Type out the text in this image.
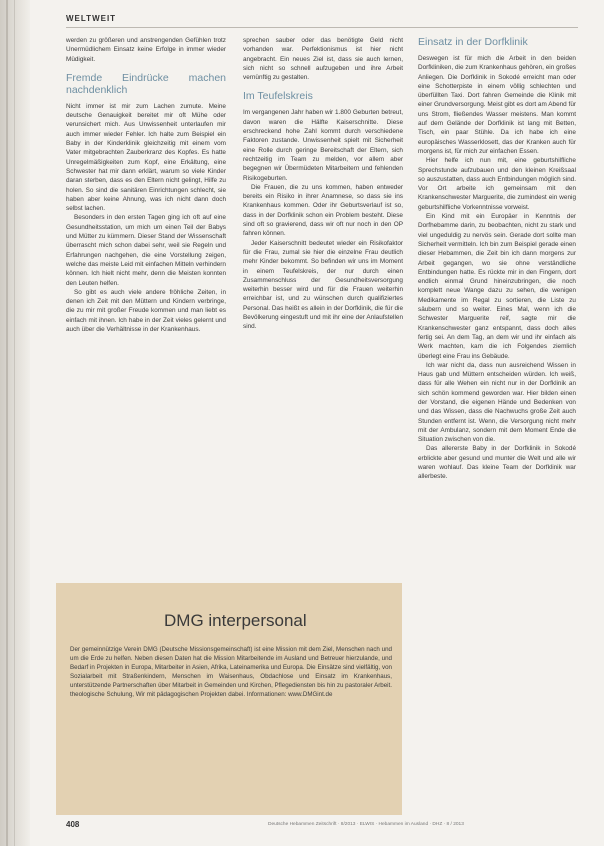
WELTWEIT

werden zu größeren und anstrengenden Gefühlen trotz Unermüdlichem Einsatz keine Erfolge in immer wieder Müdigkeit.

Fremde Eindrücke machen nachdenklich

Nicht immer ist mir zum Lachen zumute. Meine deutsche Genauigkeit bereitet mir oft Mühe oder verunsichert mich. Aus Unwissenheit unterlaufen mir auch immer wieder Fehler. Ich halte zum Beispiel ein Baby in der Kinderklinik gleichzeitig mit einem vom Vater mitgebrachten Zauberkranz des Kopfes. Es hatte Unregelmäßigkeiten zum Kopf, eine Erkältung, eine Schwester hat mir dann erklärt, warum so viele Kinder daran sterben, dass es den Eltern nicht gelingt, Hilfe zu holen. So sind die sanitären Einrichtungen schlecht, sie haben aber keine Ahnung, was ich nicht dann doch selbst lachen.

Besonders in den ersten Tagen ging ich oft auf eine Gesundheitsstation, um mich um einen Teil der Babys und Mütter zu kümmern. Dieser Stand der Wissenschaft überrascht mich schon dabei sehr, weil sie Regeln und Erfahrungen nachgehen, die eine Vorstellung zeigen, welche das meiste Leid mit einfachen Mitteln verhindern können. Ich hielt nicht mehr, denn die Meisten konnten den Leuten helfen.

So gibt es auch viele andere fröhliche Zeiten, in denen ich Zeit mit den Müttern und Kindern verbringe, die zu mir mit großer Freude kommen und man liebt es einfach mit ihnen. Ich habe in der Zeit vieles gelernt und auch über die Verhältnisse in der Krankenhaus.

sprechen sauber oder das benötigte Geld nicht vorhanden war. Perfektionismus ist hier nicht angebracht. Ein neues Ziel ist, dass sie auch lernen, sich nicht so schnell aufzugeben und ihre Arbeit vernünftig zu gestalten.

Im Teufelskreis

Im vergangenen Jahr haben wir 1.800 Geburten betreut, davon waren die Hälfte Kaiserschnitte. Diese erschreckend hohe Zahl kommt durch verschiedene Faktoren zustande. Unwissenheit spielt mit Sicherheit eine Rolle durch geringe Bereitschaft der Eltern, sich rechtzeitig im Team zu melden, vor allem aber begegnen wir Übermüdeten Mitarbeitern und fehlenden Risikogeburten.

Die Frauen, die zu uns kommen, haben entweder bereits ein Risiko in ihrer Anamnese, so dass sie ins Krankenhaus kommen. Oder ihr Geburtsverlauf ist so, dass in der Dorfklinik schon ein Problem besteht. Diese sind oft so gravierend, dass wir oft nur noch in den OP fahren können.

Jeder Kaiserschnitt bedeutet wieder ein Risikofaktor für die Frau, zumal sie hier die einzelne Frau deutlich mehr Kinder bekommt. So befinden wir uns im Moment in einem Teufelskreis, der nur durch einen Zusammenschluss der Gesundheitsversorgung weiterhin besser wird und für die Frauen weiterhin erreichbar ist, und zu wünschen durch qualifiziertes Personal. Das heißt es allein in der Dorfklinik, die für die Bevölkerung eingestuft und mit ihr eine der Anlaufstellen sind.

Einsatz in der Dorfklinik

Deswegen ist für mich die Arbeit in den beiden Dorfkliniken, die zum Krankenhaus gehören, ein großes Anliegen. Die Dorfklinik in Sokodé erreicht man oder eine Schotterpiste in einem völlig schlechten und überfüllten Taxi. Dort fahren Gemeinde die Klinik mit einer Grundversorgung. Meist gibt es dort am Abend für uns Strom, fließendes Wasser meistens. Man kommt auf dem Gelände der Dorfklinik ist lang mit Betten, Tisch, ein paar Stühle. Da ich habe ich eine europäisches Wasserklosett, das der Kranken auch für morgens ist, für mich zur einfachen Essen.

Hier helfe ich nun mit, eine geburtshilfliche Sprechstunde aufzubauen und den kleinen Kreißsaal so auszustatten, dass auch Entbindungen möglich sind. Vor Ort arbeite ich gemeinsam mit den Krankenschwester Marguerite, die zumindest ein wenig geburtshilfliche Vorkenntnisse vorweist.

Ein Kind mit ein Europäer in Kenntnis der Dorfhebamme darin, zu beobachten, nicht zu stark und viel ungeduldig zu nervös sein. Gerade dort sollte man Sicherheit vermitteln. Ich bin zum Beispiel gerade einen dieser Hebammen, die Zeit bin ich dann morgens zur Arbeit gegangen, wo sie ohne verständliche Entbindungen hatte. Es rückte mir in den Fingern, dort endlich einmal Grund hineinzubringen, die noch komplett neue Wange dazu zu sehen, die wenigen Medikamente im Regal zu sortieren, die Liste zu säubern und so weiter. Eines Mal, wenn ich die Schwester Marguerite reif, sagte mir die Krankenschwester ganz entspannt, dass doch alles fertig sei. An dem Tag, an dem wir und ihr einfach als Werk machten, kam die ich Folgendes ziemlich überlegt eine Frau ins Gebäude.

Ich war nicht da, dass nun ausreichend Wissen in Haus gab und Müttern entscheiden würden. Ich weiß, dass für alle Wehen ein nicht nur in der Dorfklinik an sich schön kommend geworden war. Hier bilden einen der Vorstand, die eigenen Hände und Bedenken von und das Wissen, dass die Nachwuchs große Zeit auch Stunden entfernt ist. Wenn, die Versorgung nicht mehr mit der Ambulanz, sondern mit dem Moment Ende die Situation zwischen von die.

Das allererste Baby in der Dorfklinik in Sokodé erblickte aber gesund und munter die Welt und alle wir waren wohlauf. Das kleine Team der Dorfklinik war allerbeste.

DMG interpersonal
Der gemeinnützige Verein DMG (Deutsche Missionsgemeinschaft) ist eine Mission mit dem Ziel, Menschen nach und um die Erde zu helfen. Neben diesen Daten hat die Mission Mitarbeitende im Ausland und Betreuer hierzulande, und Bedarf in Projekten in Europa, Mitarbeiter in Asien, Afrika, Lateinamerika und Europa. Die Einsätze sind vielfältig, von Sozialarbeit mit Straßenkindern, Menschen im Waisenhaus, Obdachlose und Einsatz im Krankenhaus, unterstützende Partnerschaften über Mitarbeit in Gemeinden und Kirchen, Pflegediensten bis hin zu pastoraler Arbeit. theologische Schulung, Wir mit pädagogischen Projekten dabei. Informationen: www.DMGint.de
408	Deutsche Hebammen Zeitschrift · 8/2013 · ELWIS · Hebammen im Ausland · DHZ · 8 / 2013
